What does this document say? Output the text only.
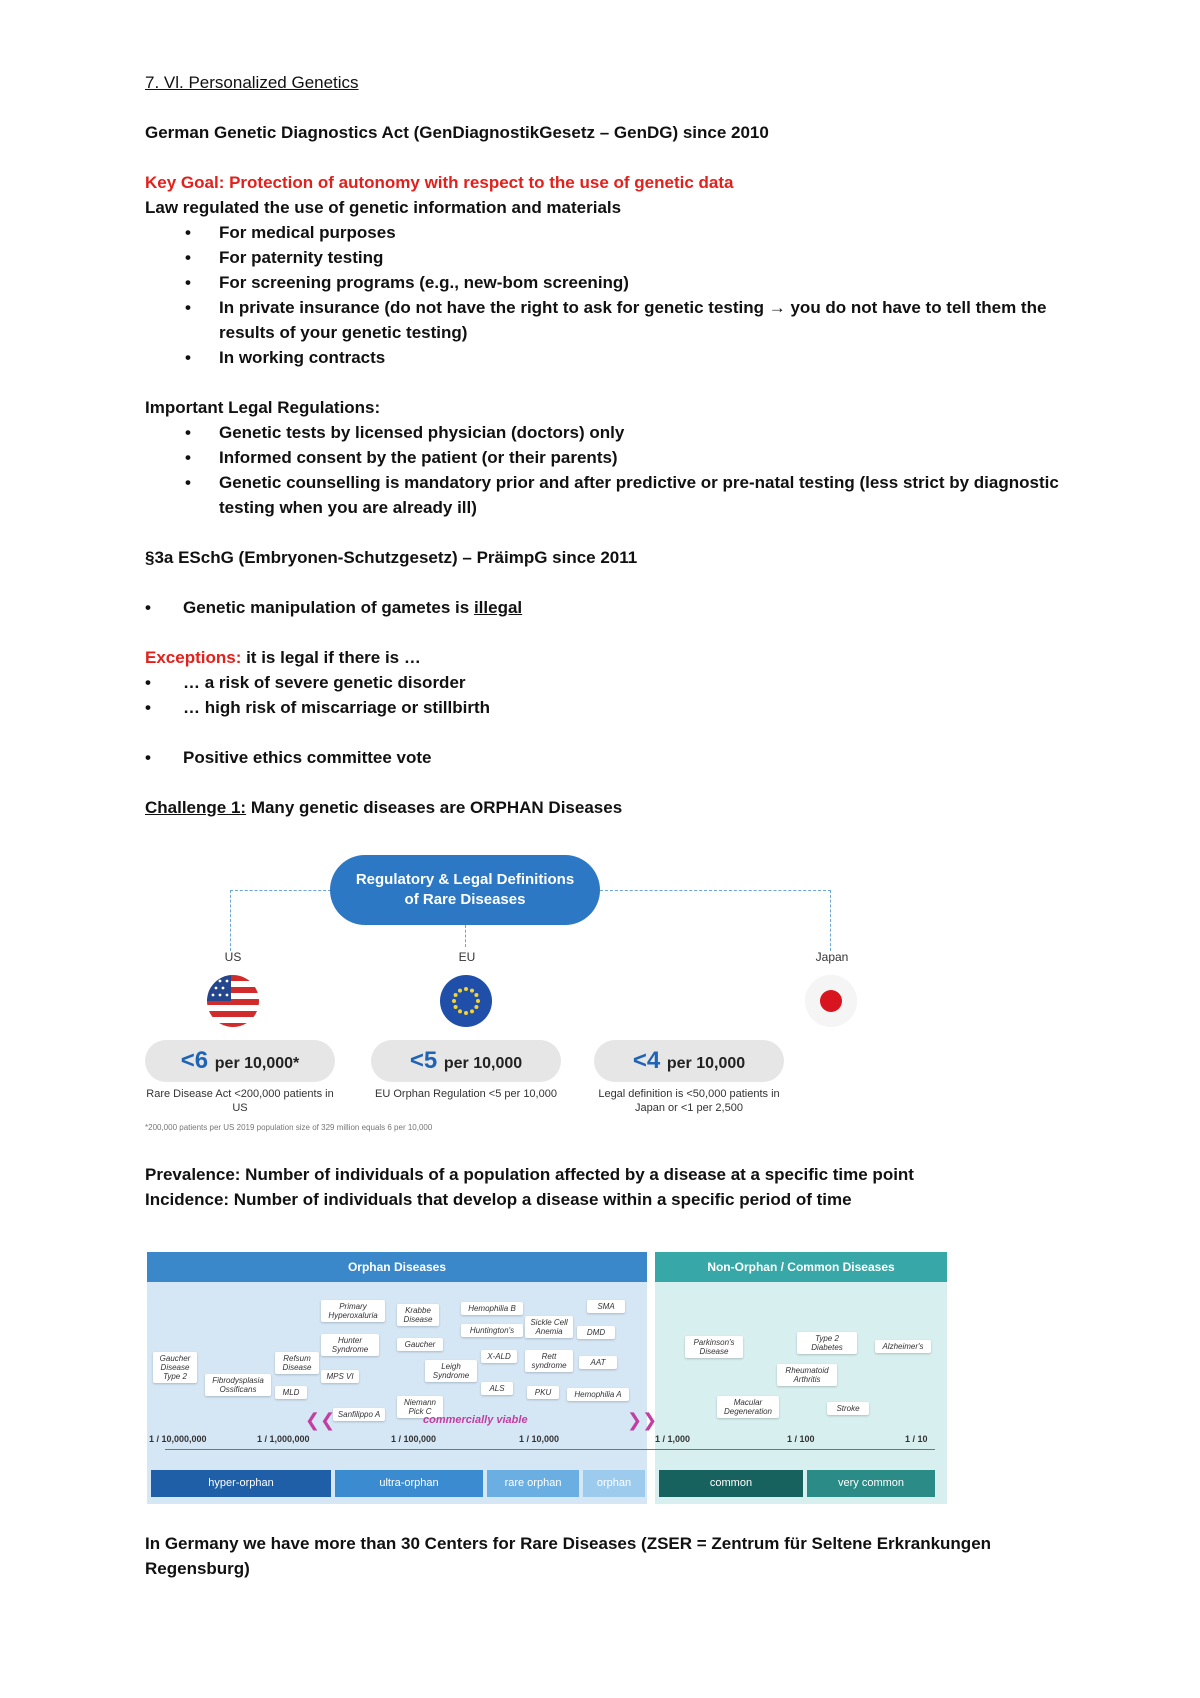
7. Vl. Personalized Genetics

German Genetic Diagnostics Act (GenDiagnostikGesetz – GenDG) since 2010

Key Goal: Protection of autonomy with respect to the use of genetic data

Law regulated the use of genetic information and materials

• For medical purposes
• For paternity testing
• For screening programs (e.g., new-bom screening)
• In private insurance (do not have the right to ask for genetic testing → you do not have to tell them the results of your genetic testing)
• In working contracts

Important Legal Regulations:

• Genetic tests by licensed physician (doctors) only
• Informed consent by the patient (or their parents)
• Genetic counselling is mandatory prior and after predictive or pre-natal testing (less strict by diagnostic testing when you are already ill)

§3a ESchG (Embryonen-Schutzgesetz) – PräimpG since 2011

• Genetic manipulation of gametes is illegal

Exceptions: it is legal if there is …

• … a risk of severe genetic disorder
• … high risk of miscarriage or stillbirth
• Positive ethics committee vote

Challenge 1: Many genetic diseases are ORPHAN Diseases

Regulatory & Legal Definitions
of Rare Diseases
US	EU	Japan
<6 per 10,000*	<5 per 10,000	<4 per 10,000
Rare Disease Act <200,000 patients in US
EU Orphan Regulation <5 per 10,000	Legal definition is <50,000 patients in Japan or <1 per 2,500
*200,000 patients per US 2019 population size of 329 million equals 6 per 10,000

Prevalence: Number of individuals of a population affected by a disease at a specific time point

Incidence: Number of individuals that develop a disease within a specific period of time

Orphan Diseases	Non-Orphan / Common Diseases
Gaucher Disease Type 2	Fibrodysplasia Ossificans
Refsum Disease
MLD
Primary Hyperoxaluria
Hunter Syndrome
MPS VI
Sanfilippo A
Krabbe Disease
Gaucher
Leigh Syndrome
Niemann Pick C
Hemophilia B
Huntington's
X-ALD
ALS
Sickle Cell Anemia
Rett syndrome
PKU
SMA
DMD
AAT
Hemophilia A
Parkinson's Disease
Type 2 Diabetes	Alzheimer's
Rheumatoid Arthritis
Macular Degeneration	Stroke
❮❮	commercially viable	❯❯
1 / 10,000,000	1 / 1,000,000	1 / 100,000	1 / 10,000	1 / 1,000	1 / 100	1 / 10
hyper-orphan	ultra-orphan	rare orphan	orphan	common	very common

In Germany we have more than 30 Centers for Rare Diseases (ZSER = Zentrum für Seltene Erkrankungen Regensburg)
